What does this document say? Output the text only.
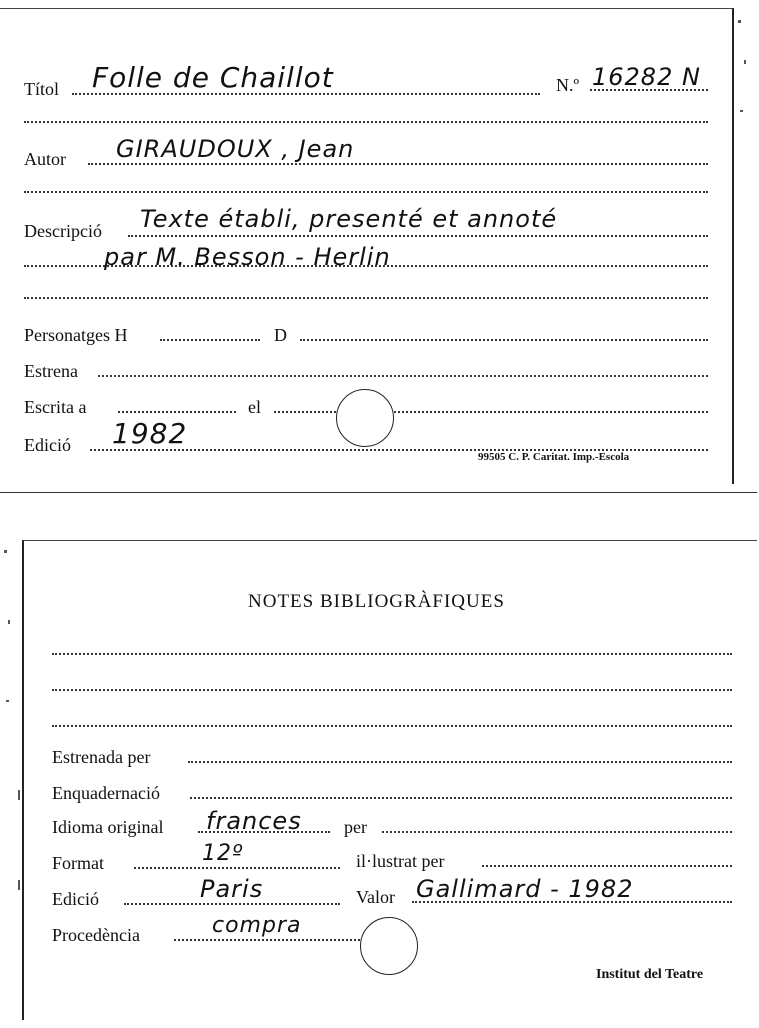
Títol Folle de Chaillot	N.º 16282 N
Autor GIRAUDOUX , Jean
Descripció Texte établi, presenté et annoté
par M. Besson - Herlin
Personatges H	D
Estrena
Escrita a	el
Edició 1982
99505 C. P. Caritat. Imp.-Escola
NOTES BIBLIOGRÀFIQUES
Estrenada per
Enquadernació
Idioma original frances per
Format	12º	il·lustrat per
Edició	Paris	Valor Gallimard - 1982
Procedència	compra
Institut del Teatre
